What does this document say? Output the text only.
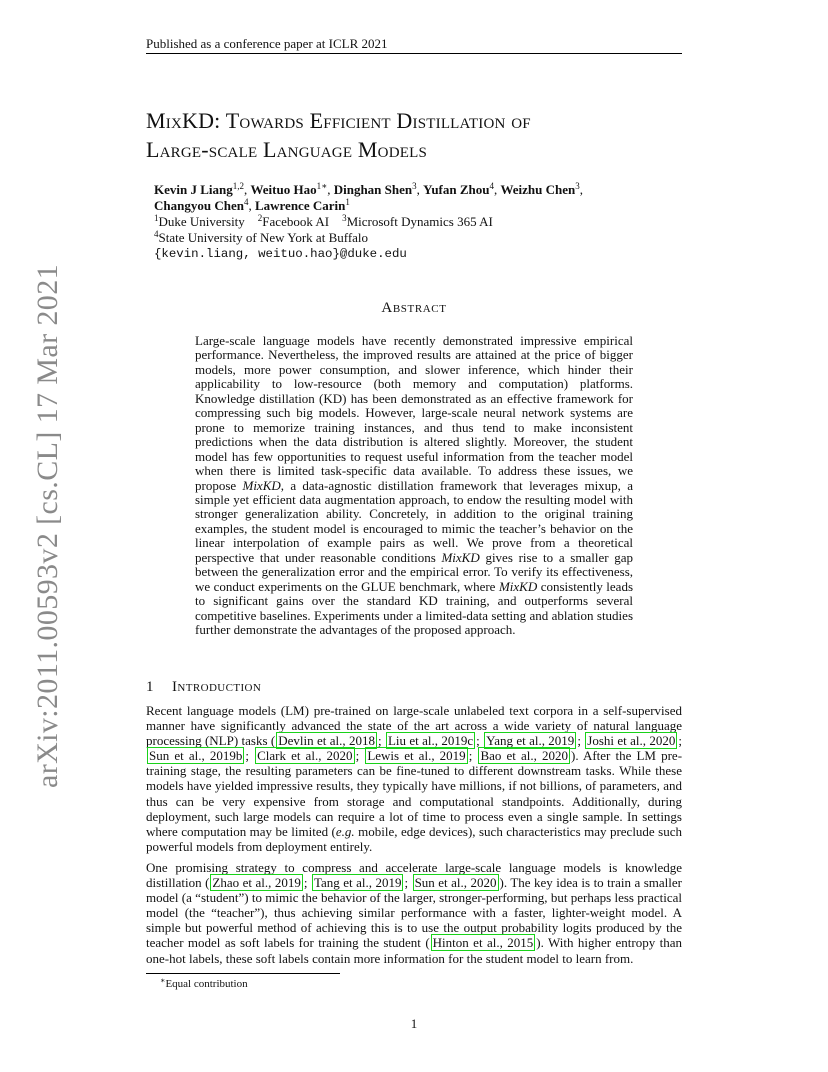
Published as a conference paper at ICLR 2021
MixKD: Towards Efficient Distillation of
Large-scale Language Models
Kevin J Liang$^{1,2}$, Weituo Hao$^{1∗}$, Dinghan Shen$^3$, Yufan Zhou$^4$, Weizhu Chen$^3$,
Changyou Chen$^4$, Lawrence Carin$^1$
$^1$Duke University $^2$Facebook AI $^3$Microsoft Dynamics 365 AI
$^4$State University of New York at Buffalo
{kevin.liang, weituo.hao}@duke.edu
arXiv:2011.00593v2 [cs.CL] 17 Mar 2021	Abstract

Large-scale language models have recently demonstrated impressive empirical performance. Nevertheless, the improved results are attained at the price of bigger models, more power consumption, and slower inference, which hinder their applicability to low-resource (both memory and computation) platforms. Knowledge distillation (KD) has been demonstrated as an effective framework for compressing such big models. However, large-scale neural network systems are prone to memorize training instances, and thus tend to make inconsistent predictions when the data distribution is altered slightly. Moreover, the student model has few opportunities to request useful information from the teacher model when there is limited task-specific data available. To address these issues, we propose MixKD, a data-agnostic distillation framework that leverages mixup, a simple yet efficient data augmentation approach, to endow the resulting model with stronger generalization ability. Concretely, in addition to the original training examples, the student model is encouraged to mimic the teacher’s behavior on the linear interpolation of example pairs as well. We prove from a theoretical perspective that under reasonable conditions MixKD gives rise to a smaller gap between the generalization error and the empirical error. To verify its effectiveness, we conduct experiments on the GLUE benchmark, where MixKD consistently leads to significant gains over the standard KD training, and outperforms several competitive baselines. Experiments under a limited-data setting and ablation studies further demonstrate the advantages of the proposed approach.

1 Introduction

Recent language models (LM) pre-trained on large-scale unlabeled text corpora in a self-supervised manner have significantly advanced the state of the art across a wide variety of natural language processing (NLP) tasks ( Devlin et al., 2018 ; Liu et al., 2019c ; Yang et al., 2019 ; Joshi et al., 2020 ; Sun et al., 2019b ; Clark et al., 2020 ; Lewis et al., 2019 ; Bao et al., 2020 ). After the LM pre-training stage, the resulting parameters can be fine-tuned to different downstream tasks. While these models have yielded impressive results, they typically have millions, if not billions, of parameters, and thus can be very expensive from storage and computational standpoints. Additionally, during deployment, such large models can require a lot of time to process even a single sample. In settings where computation may be limited (e.g. mobile, edge devices), such characteristics may preclude such powerful models from deployment entirely.

One promising strategy to compress and accelerate large-scale language models is knowledge distillation ( Zhao et al., 2019 ; Tang et al., 2019 ; Sun et al., 2020 ). The key idea is to train a smaller model (a “student”) to mimic the behavior of the larger, stronger-performing, but perhaps less practical model (the “teacher”), thus achieving similar performance with a faster, lighter-weight model. A simple but powerful method of achieving this is to use the output probability logits produced by the teacher model as soft labels for training the student ( Hinton et al., 2015 ). With higher entropy than one-hot labels, these soft labels contain more information for the student model to learn from.

∗Equal contribution
1
